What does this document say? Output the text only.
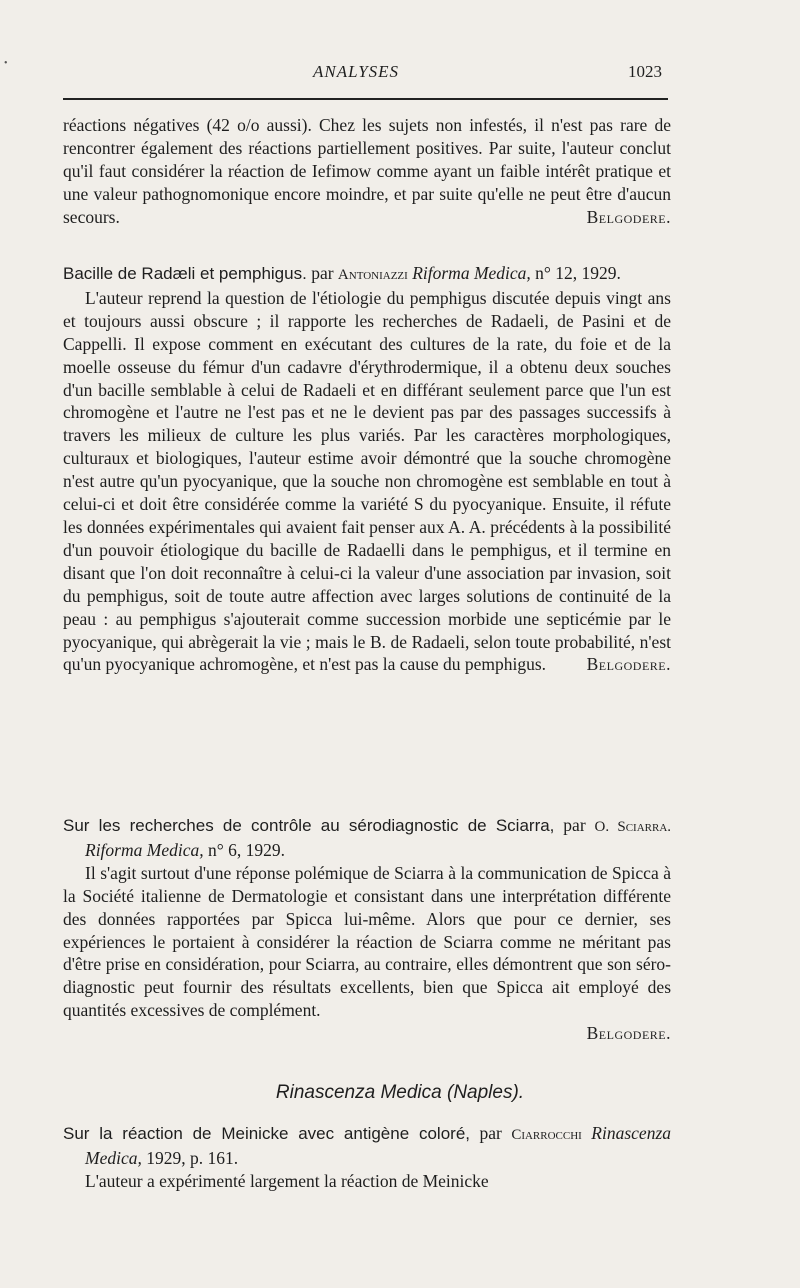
•	ANALYSES	1023

réactions négatives (42 o/o aussi). Chez les sujets non infestés, il n'est pas rare de rencontrer également des réactions partiellement positives. Par suite, l'auteur conclut qu'il faut considérer la réaction de Iefimow comme ayant un faible intérêt pratique et une valeur pathognomonique encore moindre, et par suite qu'elle ne peut être d'aucun secours.	Belgodere.

Bacille de Radæli et pemphigus. par Antoniazzi Riforma Medica, n° 12, 1929.

L'auteur reprend la question de l'étiologie du pemphigus discutée depuis vingt ans et toujours aussi obscure ; il rapporte les recherches de Radaeli, de Pasini et de Cappelli. Il expose comment en exécutant des cultures de la rate, du foie et de la moelle osseuse du fémur d'un cadavre d'érythrodermique, il a obtenu deux souches d'un bacille semblable à celui de Radaeli et en différant seulement parce que l'un est chromogène et l'autre ne l'est pas et ne le devient pas par des passages successifs à travers les milieux de culture les plus variés. Par les caractères morphologiques, culturaux et biologiques, l'auteur estime avoir démontré que la souche chromogène n'est autre qu'un pyocyanique, que la souche non chromogène est semblable en tout à celui-ci et doit être considérée comme la variété S du pyocyanique. Ensuite, il réfute les données expérimentales qui avaient fait penser aux A. A. précédents à la possibilité d'un pouvoir étiologique du bacille de Radaelli dans le pemphigus, et il termine en disant que l'on doit reconnaître à celui-ci la valeur d'une association par invasion, soit du pemphigus, soit de toute autre affection avec larges solutions de continuité de la peau : au pemphigus s'ajouterait comme succession morbide une septicémie par le pyocyanique, qui abrègerait la vie ; mais le B. de Radaeli, selon toute probabilité, n'est qu'un pyocyanique achromogène, et n'est pas la cause du pemphigus.	Belgodere.

Sur les recherches de contrôle au sérodiagnostic de Sciarra, par O. Sciarra. Riforma Medica, n° 6, 1929.

Il s'agit surtout d'une réponse polémique de Sciarra à la communication de Spicca à la Société italienne de Dermatologie et consistant dans une interprétation différente des données rapportées par Spicca lui-même. Alors que pour ce dernier, ses expériences le portaient à considérer la réaction de Sciarra comme ne méritant pas d'être prise en considération, pour Sciarra, au contraire, elles démontrent que son séro-diagnostic peut fournir des résultats excellents, bien que Spicca ait employé des quantités excessives de complément.

Belgodere.

Rinascenza Medica (Naples).

Sur la réaction de Meinicke avec antigène coloré, par Ciarrocchi Rinascenza Medica, 1929, p. 161.

L'auteur a expérimenté largement la réaction de Meinicke
